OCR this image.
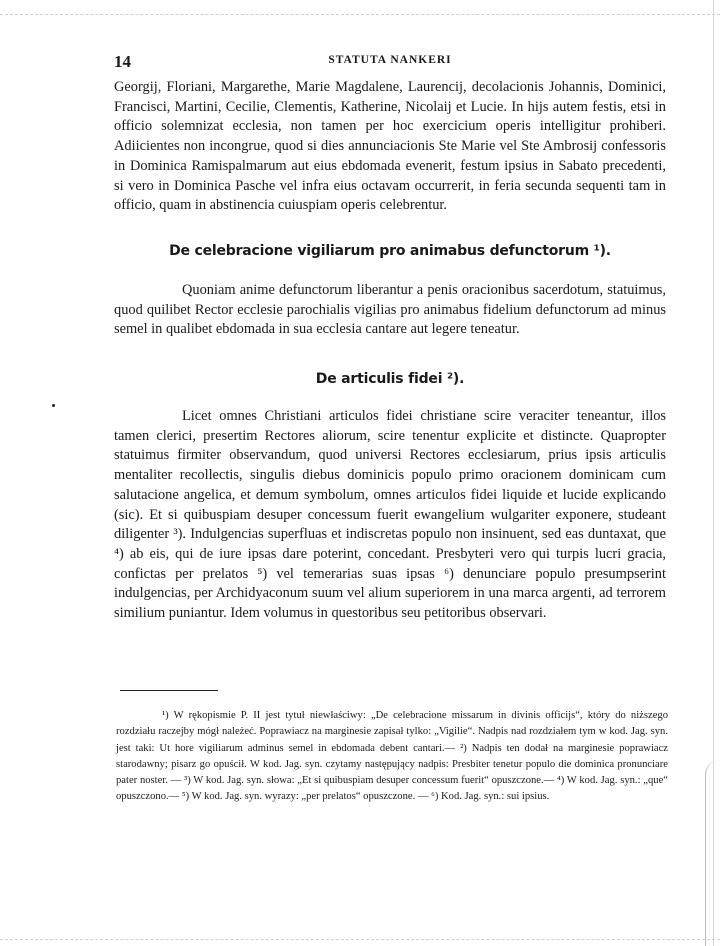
14	STATUTA NANKERI

Georgij, Floriani, Margarethe, Marie Magdalene, Laurencij, decolacionis Johannis, Dominici, Francisci, Martini, Cecilie, Clementis, Katherine, Nicolaij et Lucie. In hijs autem festis, etsi in officio solemnizat ecclesia, non tamen per hoc exercicium operis intelligitur prohiberi. Adiicientes non incongrue, quod si dies annunciacionis Ste Marie vel Ste Ambrosij confessoris in Dominica Ramispalmarum aut eius ebdomada evenerit, festum ipsius in Sabato precedenti, si vero in Dominica Pasche vel infra eius octavam occurrerit, in feria secunda sequenti tam in officio, quam in abstinencia cuiuspiam operis celebrentur.

De celebracione vigiliarum pro animabus defunctorum ¹).

Quoniam anime defunctorum liberantur a penis oracionibus sacerdotum, statuimus, quod quilibet Rector ecclesie parochialis vigilias pro animabus fidelium defunctorum ad minus semel in qualibet ebdomada in sua ecclesia cantare aut legere teneatur.

De articulis fidei ²).

Licet omnes Christiani articulos fidei christiane scire veraciter teneantur, illos tamen clerici, presertim Rectores aliorum, scire tenentur explicite et distincte. Quapropter statuimus firmiter observandum, quod universi Rectores ecclesiarum, prius ipsis articulis mentaliter recollectis, singulis diebus dominicis populo primo oracionem dominicam cum salutacione angelica, et demum symbolum, omnes articulos fidei liquide et lucide explicando (sic). Et si quibuspiam desuper concessum fuerit ewangelium wulgariter exponere, studeant diligenter ³). Indulgencias superfluas et indiscretas populo non insinuent, sed eas duntaxat, que ⁴) ab eis, qui de iure ipsas dare poterint, concedant. Presbyteri vero qui turpis lucri gracia, confictas per prelatos ⁵) vel temerarias suas ipsas ⁶) denunciare populo presumpserint indulgencias, per Archidyaconum suum vel alium superiorem in una marca argenti, ad terrorem similium puniantur. Idem volumus in questoribus seu petitoribus observari.

¹) W rękopismie P. II jest tytuł niewłaściwy: „De celebracione missarum in divinis officijs“, który do niższego rozdziału raczejby mógł należeć. Poprawiacz na marginesie zapisał tylko: „Vigilie“. Nadpis nad rozdziałem tym w kod. Jag. syn. jest taki: Ut hore vigiliarum adminus semel in ebdomada debent cantari.— ²) Nadpis ten dodał na marginesie poprawiacz starodawny; pisarz go opuścił. W kod. Jag. syn. czytamy następujący nadpis: Presbiter tenetur populo die dominica pronunciare pater noster. — ³) W kod. Jag. syn. słowa: „Et si quibuspiam desuper concessum fuerit“ opuszczone.— ⁴) W kod. Jag. syn.: „que“ opuszczono.— ⁵) W kod. Jag. syn. wyrazy: „per prelatos“ opuszczone. — ⁶) Kod. Jag. syn.: sui ipsius.
